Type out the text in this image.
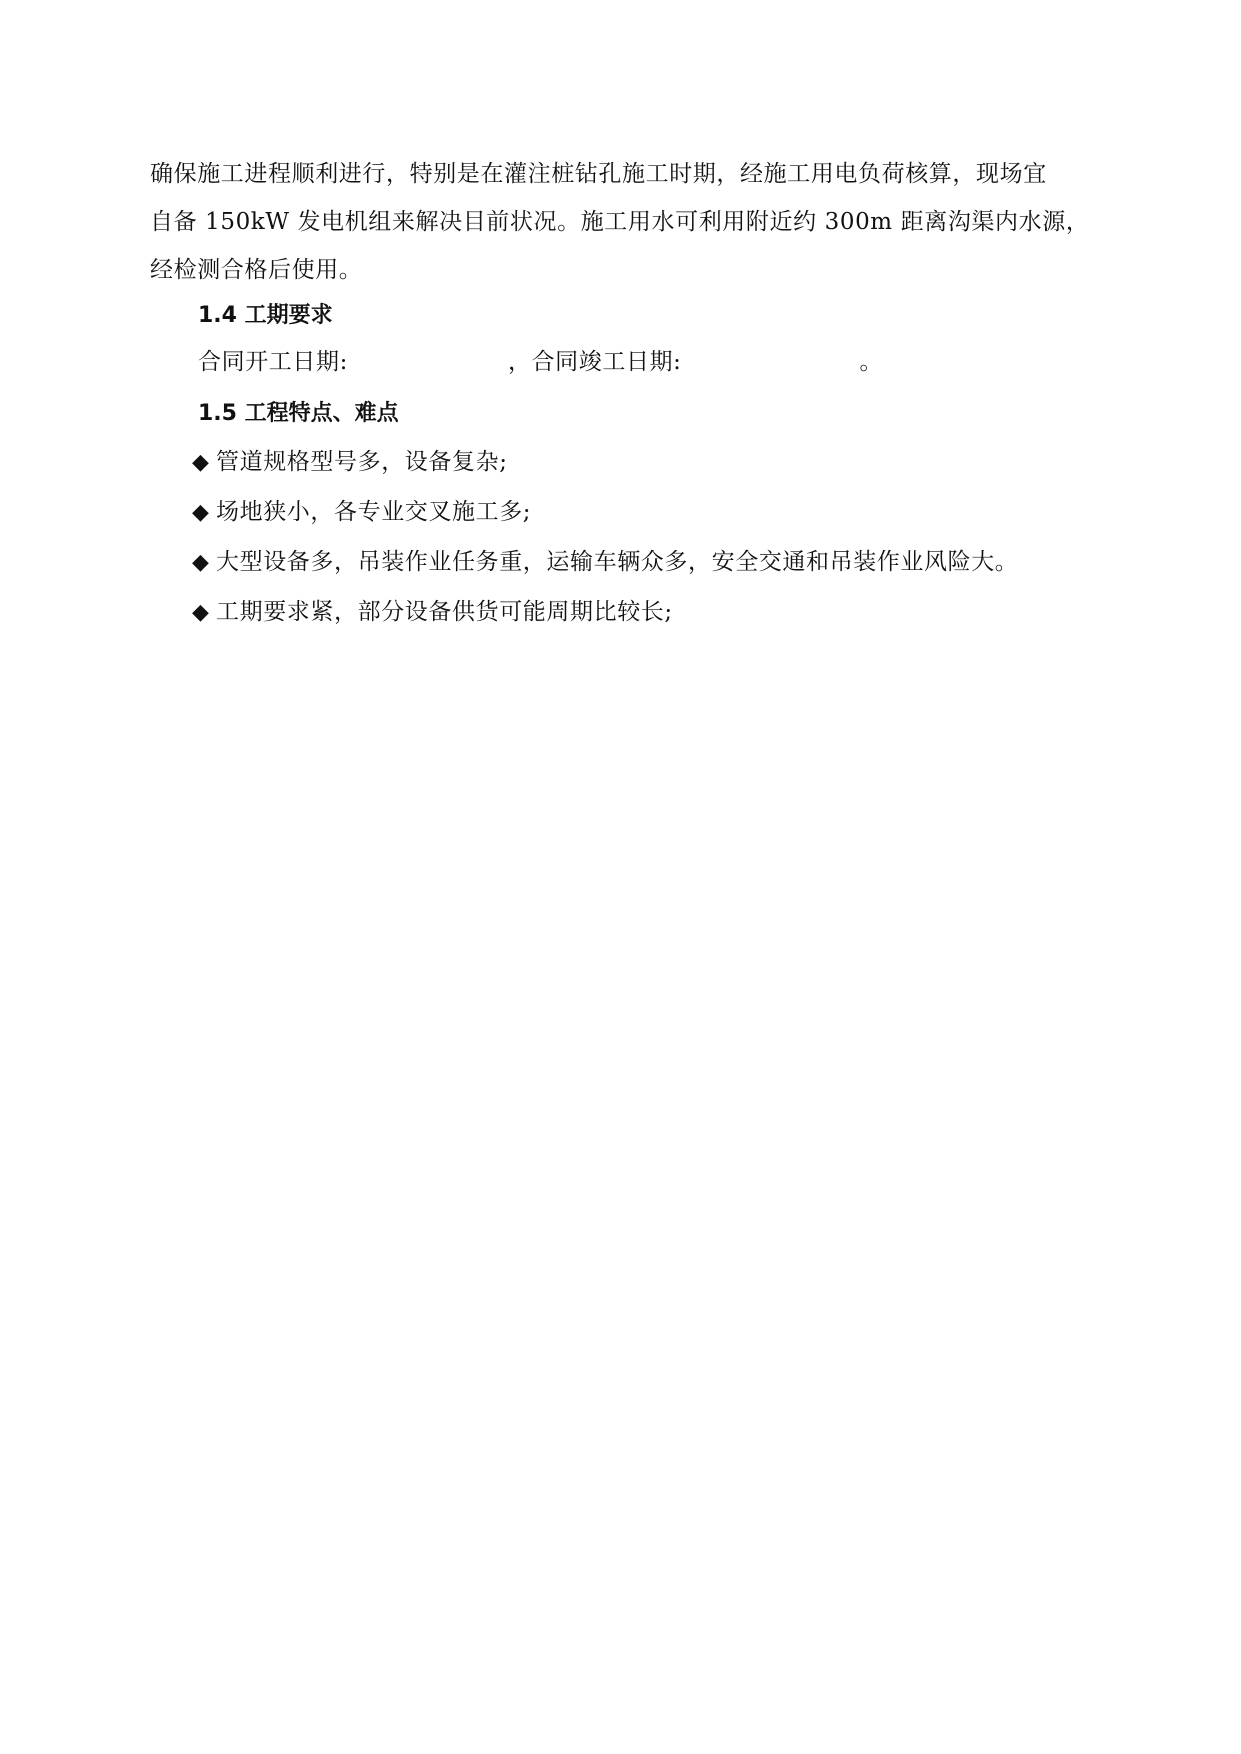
确保施工进程顺利进行，特别是在灌注桩钻孔施工时期，经施工用电负荷核算，现场宜
自备 150kW 发电机组来解决目前状况。施工用水可利用附近约 300m 距离沟渠内水源，
经检测合格后使用。
1.4 工期要求
合同开工日期:	，合同竣工日期:	。
1.5 工程特点、难点
◆ 管道规格型号多，设备复杂;
◆ 场地狭小，各专业交叉施工多;
◆ 大型设备多，吊装作业任务重，运输车辆众多，安全交通和吊装作业风险大。
◆ 工期要求紧，部分设备供货可能周期比较长;
